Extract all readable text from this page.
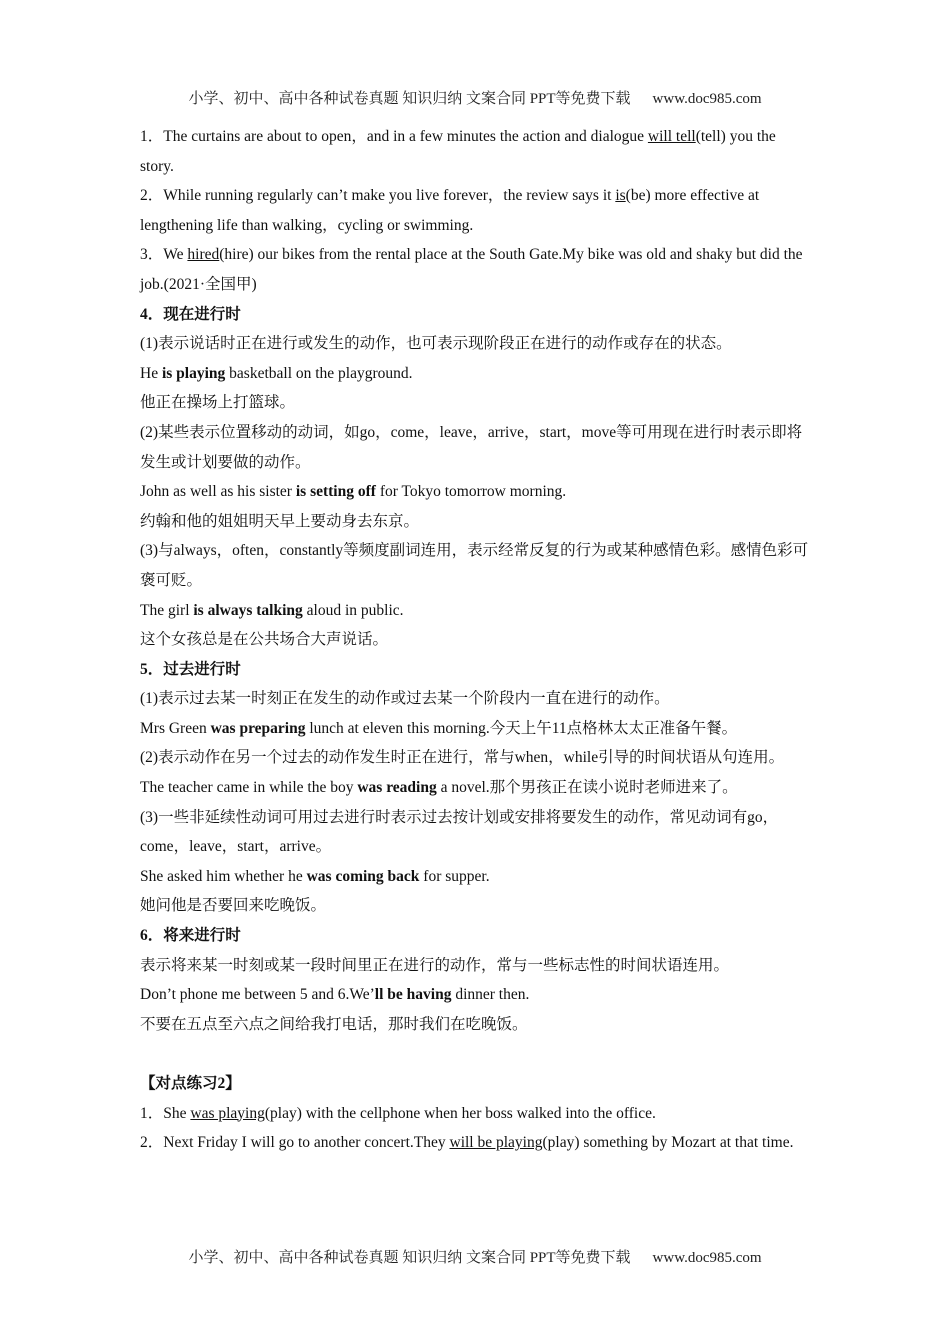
小学、初中、高中各种试卷真题 知识归纳 文案合同 PPT等免费下载 www.doc985.com

1．The curtains are about to open，and in a few minutes the action and dialogue will tell(tell) you the story.

2．While running regularly can’t make you live forever，the review says it is(be) more effective at lengthening life than walking，cycling or swimming.

3．We hired(hire) our bikes from the rental place at the South Gate.My bike was old and shaky but did the job.(2021·全国甲)

4．现在进行时

(1)表示说话时正在进行或发生的动作，也可表示现阶段正在进行的动作或存在的状态。

He is playing basketball on the playground.

他正在操场上打篮球。

(2)某些表示位置移动的动词，如go，come，leave，arrive，start，move等可用现在进行时表示即将发生或计划要做的动作。

John as well as his sister is setting off for Tokyo tomorrow morning.

约翰和他的姐姐明天早上要动身去东京。

(3)与always，often，constantly等频度副词连用，表示经常反复的行为或某种感情色彩。感情色彩可褒可贬。

The girl is always talking aloud in public.

这个女孩总是在公共场合大声说话。

5．过去进行时

(1)表示过去某一时刻正在发生的动作或过去某一个阶段内一直在进行的动作。

Mrs Green was preparing lunch at eleven this morning.今天上午11点格林太太正准备午餐。

(2)表示动作在另一个过去的动作发生时正在进行，常与when，while引导的时间状语从句连用。

The teacher came in while the boy was reading a novel.那个男孩正在读小说时老师进来了。

(3)一些非延续性动词可用过去进行时表示过去按计划或安排将要发生的动作，常见动词有go，come，leave，start，arrive。

She asked him whether he was coming back for supper.

她问他是否要回来吃晚饭。

6．将来进行时

表示将来某一时刻或某一段时间里正在进行的动作，常与一些标志性的时间状语连用。

Don’t phone me between 5 and 6.We’ll be having dinner then.

不要在五点至六点之间给我打电话，那时我们在吃晚饭。

【对点练习2】

1．She was playing(play) with the cellphone when her boss walked into the office.

2．Next Friday I will go to another concert.They will be playing(play) something by Mozart at that time.

小学、初中、高中各种试卷真题 知识归纳 文案合同 PPT等免费下载 www.doc985.com
